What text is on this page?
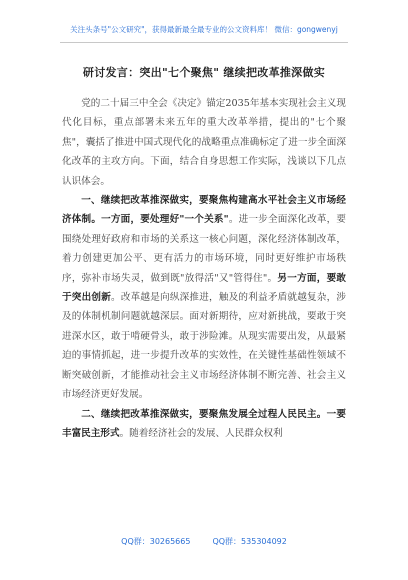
关注头条号"公文研究"，获得最新最全最专业的公文资料库！ 微信：gongwenyj
研讨发言：突出"七个聚焦" 继续把改革推深做实

党的二十届三中全会《决定》锚定2035年基本实现社会主义现代化目标，重点部署未来五年的重大改革举措，提出的"七个聚焦"，囊括了推进中国式现代化的战略重点准确标定了进一步全面深化改革的主攻方向。下面，结合自身思想工作实际，浅谈以下几点认识体会。

一、继续把改革推深做实，要聚焦构建高水平社会主义市场经济体制。一方面，要处理好"一个关系"。进一步全面深化改革，要围绕处理好政府和市场的关系这一核心问题，深化经济体制改革，着力创建更加公平、更有活力的市场环境，同时更好维护市场秩序，弥补市场失灵，做到既"放得活"又"管得住"。另一方面，要敢于突出创新。改革越是向纵深推进，触及的利益矛盾就越复杂，涉及的体制机制问题就越深层。面对新期待，应对新挑战，要敢于突进深水区，敢于啃硬骨头，敢于涉险滩。从现实需要出发，从最紧迫的事情抓起，进一步提升改革的实效性，在关键性基础性领域不断突破创新，才能推动社会主义市场经济体制不断完善、社会主义市场经济更好发展。

二、继续把改革推深做实，要聚焦发展全过程人民民主。一要丰富民主形式。随着经济社会的发展、人民群众权利

QQ群：30265665	QQ群：535304092
